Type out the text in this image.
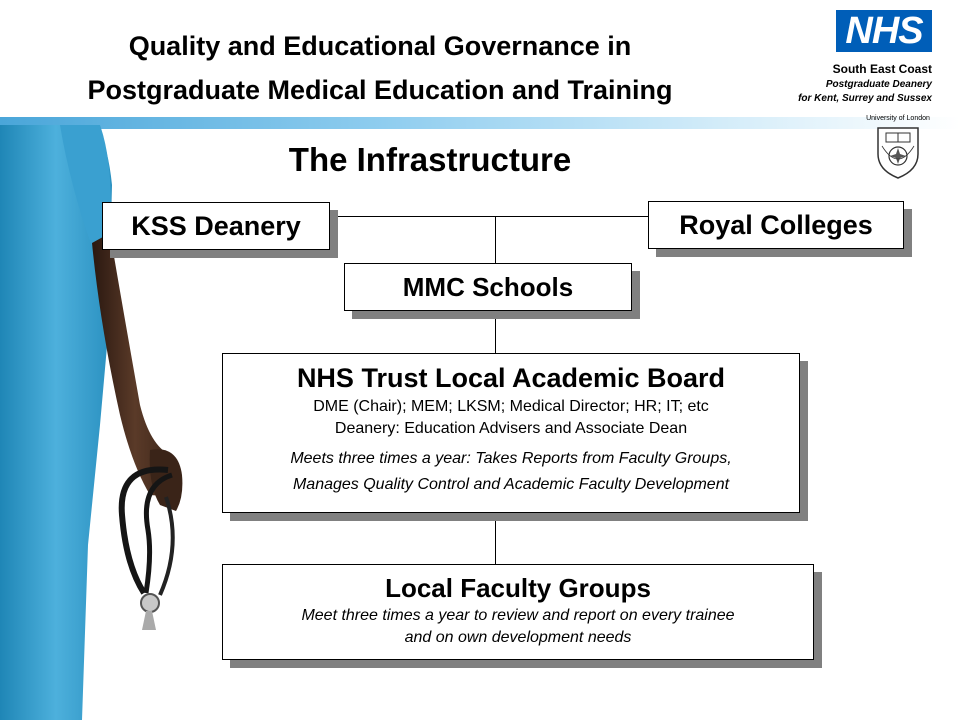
Quality and Educational Governance in
Postgraduate Medical Education and Training
NHS
South East Coast
Postgraduate Deanery
for Kent, Surrey and Sussex
University of London
The Infrastructure
KSS Deanery	Royal Colleges
MMC Schools
NHS Trust Local Academic Board
DME (Chair); MEM; LKSM; Medical Director; HR; IT; etc
Deanery: Education Advisers and Associate Dean
Meets three times a year: Takes Reports from Faculty Groups,
Manages Quality Control and Academic Faculty Development
Local Faculty Groups
Meet three times a year to review and report on every trainee
and on own development needs
